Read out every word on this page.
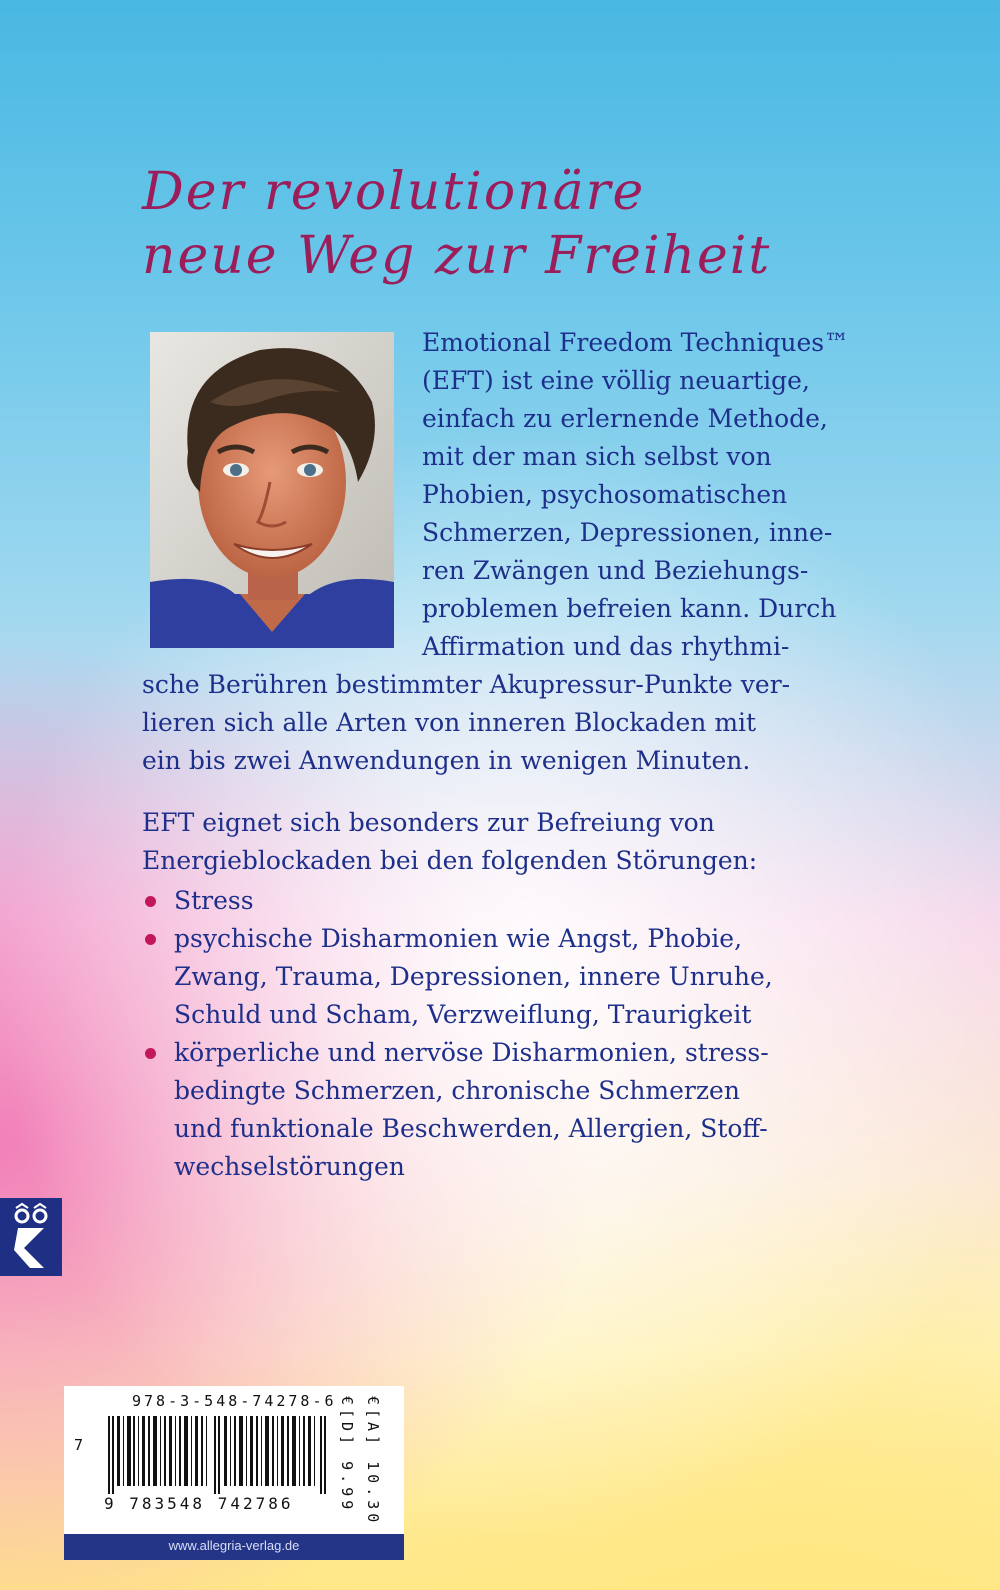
Der revolutionäre
neue Weg zur Freiheit
Emotional Freedom Techniques™
(EFT) ist eine völlig neuartige,
einfach zu erlernende Methode,
mit der man sich selbst von
Phobien, psychosomatischen
Schmerzen, Depressionen, inne-
ren Zwängen und Beziehungs-
problemen befreien kann. Durch
Affirmation und das rhythmi-
sche Berühren bestimmter Akupressur-Punkte ver-
lieren sich alle Arten von inneren Blockaden mit
ein bis zwei Anwendungen in wenigen Minuten.
EFT eignet sich besonders zur Befreiung von
Energieblockaden bei den folgenden Störungen:
Stress
psychische Disharmonien wie Angst, Phobie,
Zwang, Trauma, Depressionen, innere Unruhe,
Schuld und Scham, Verzweiflung, Traurigkeit
körperliche und nervöse Disharmonien, stress-
bedingte Schmerzen, chronische Schmerzen
und funktionale Beschwerden, Allergien, Stoff-
wechselstörungen
978-3-548-74278-6
7
9 783548 742786	€[D] 9.99 €[A] 10.30
www.allegria-verlag.de
